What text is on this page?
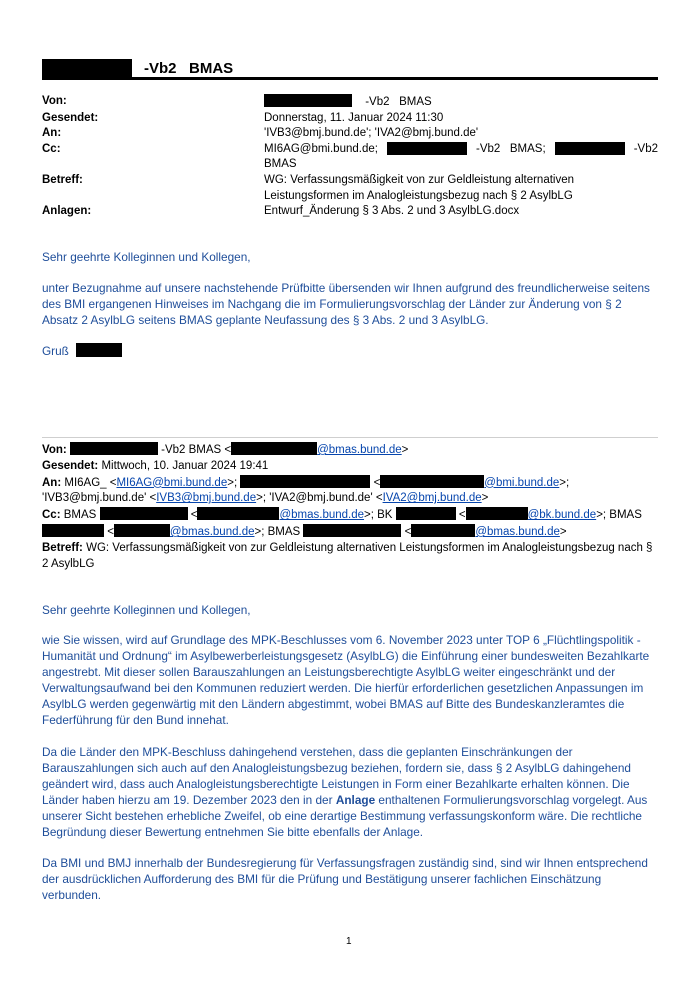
-Vb2   BMAS
Von:	-Vb2   BMAS
Gesendet:	Donnerstag, 11. Januar 2024 11:30
An:	'IVB3@bmj.bund.de'; 'IVA2@bmj.bund.de'
Cc:	MI6AG@bmi.bund.de;	-Vb2   BMAS;	-Vb2
BMAS
Betreff:	WG: Verfassungsmäßigkeit von zur Geldleistung alternativen
Leistungsformen im Analogleistungsbezug nach § 2 AsylbLG
Anlagen:	Entwurf_Änderung § 3 Abs. 2 und 3 AsylbLG.docx
Sehr geehrte Kolleginnen und Kollegen,
unter Bezugnahme auf unsere nachstehende Prüfbitte übersenden wir Ihnen aufgrund des freundlicherweise seitens des BMI ergangenen Hinweises im Nachgang die im Formulierungsvorschlag der Länder zur Änderung von § 2 Absatz 2 AsylbLG seitens BMAS geplante Neufassung des § 3 Abs. 2 und 3 AsylbLG.
Gruß
Von:	-Vb2 BMAS <	@bmas.bund.de>
Gesendet: Mittwoch, 10. Januar 2024 19:41
An: MI6AG_ <MI6AG@bmi.bund.de>;	<	@bmi.bund.de>;
'IVB3@bmj.bund.de' <IVB3@bmj.bund.de>; 'IVA2@bmj.bund.de' <IVA2@bmj.bund.de>
Cc: BMAS	<	@bmas.bund.de>; BK	<	@bk.bund.de>; BMAS
<	@bmas.bund.de>; BMAS	<	@bmas.bund.de>
Betreff: WG: Verfassungsmäßigkeit von zur Geldleistung alternativen Leistungsformen im Analogleistungsbezug nach § 2 AsylbLG
Sehr geehrte Kolleginnen und Kollegen,
wie Sie wissen, wird auf Grundlage des MPK-Beschlusses vom 6. November 2023 unter TOP 6 „Flüchtlingspolitik - Humanität und Ordnung“ im Asylbewerberleistungsgesetz (AsylbLG) die Einführung einer bundesweiten Bezahlkarte angestrebt. Mit dieser sollen Barauszahlungen an Leistungsberechtigte AsylbLG weiter eingeschränkt und der Verwaltungsaufwand bei den Kommunen reduziert werden. Die hierfür erforderlichen gesetzlichen Anpassungen im AsylbLG werden gegenwärtig mit den Ländern abgestimmt, wobei BMAS auf Bitte des Bundeskanzleramtes die Federführung für den Bund innehat.
Da die Länder den MPK-Beschluss dahingehend verstehen, dass die geplanten Einschränkungen der Barauszahlungen sich auch auf den Analogleistungsbezug beziehen, fordern sie, dass § 2 AsylbLG dahingehend geändert wird, dass auch Analogleistungsberechtigte Leistungen in Form einer Bezahlkarte erhalten können. Die Länder haben hierzu am 19. Dezember 2023 den in der Anlage enthaltenen Formulierungsvorschlag vorgelegt. Aus unserer Sicht bestehen erhebliche Zweifel, ob eine derartige Bestimmung verfassungskonform wäre. Die rechtliche Begründung dieser Bewertung entnehmen Sie bitte ebenfalls der Anlage.
Da BMI und BMJ innerhalb der Bundesregierung für Verfassungsfragen zuständig sind, sind wir Ihnen entsprechend der ausdrücklichen Aufforderung des BMI für die Prüfung und Bestätigung unserer fachlichen Einschätzung verbunden.
1
